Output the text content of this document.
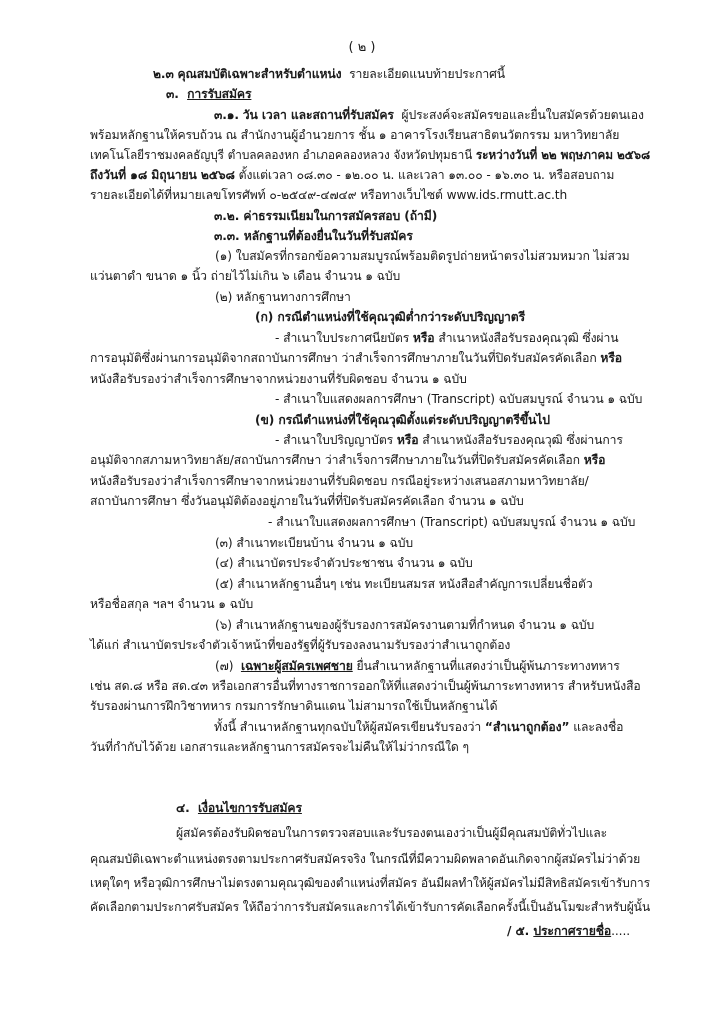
( ๒ )
๒.๓ คุณสมบัติเฉพาะสำหรับตำแหน่ง รายละเอียดแนบท้ายประกาศนี้
๓. การรับสมัคร
๓.๑. วัน เวลา และสถานที่รับสมัคร ผู้ประสงค์จะสมัครขอและยื่นใบสมัครด้วยตนเอง
พร้อมหลักฐานให้ครบถ้วน ณ สำนักงานผู้อำนวยการ ชั้น ๑ อาคารโรงเรียนสาธิตนวัตกรรม มหาวิทยาลัย
เทคโนโลยีราชมงคลธัญบุรี ตำบลคลองหก อำเภอคลองหลวง จังหวัดปทุมธานี ระหว่างวันที่ ๒๒ พฤษภาคม ๒๕๖๘
ถึงวันที่ ๑๘ มิถุนายน ๒๕๖๘ ตั้งแต่เวลา ๐๘.๓๐ - ๑๒.๐๐ น. และเวลา ๑๓.๐๐ - ๑๖.๓๐ น. หรือสอบถาม
รายละเอียดได้ที่หมายเลขโทรศัพท์ ๐-๒๕๔๙-๔๗๔๙ หรือทางเว็บไซต์ www.ids.rmutt.ac.th
๓.๒. ค่าธรรมเนียมในการสมัครสอบ (ถ้ามี)
๓.๓. หลักฐานที่ต้องยื่นในวันที่รับสมัคร
(๑) ใบสมัครที่กรอกข้อความสมบูรณ์พร้อมติดรูปถ่ายหน้าตรงไม่สวมหมวก ไม่สวม
แว่นตาดำ ขนาด ๑ นิ้ว ถ่ายไว้ไม่เกิน ๖ เดือน จำนวน ๑ ฉบับ
(๒) หลักฐานทางการศึกษา
(ก) กรณีตำแหน่งที่ใช้คุณวุฒิต่ำกว่าระดับปริญญาตรี
- สำเนาใบประกาศนียบัตร หรือ สำเนาหนังสือรับรองคุณวุฒิ ซึ่งผ่าน
การอนุมัติซึ่งผ่านการอนุมัติจากสถาบันการศึกษา ว่าสำเร็จการศึกษาภายในวันที่ปิดรับสมัครคัดเลือก หรือ
หนังสือรับรองว่าสำเร็จการศึกษาจากหน่วยงานที่รับผิดชอบ จำนวน ๑ ฉบับ
- สำเนาใบแสดงผลการศึกษา (Transcript) ฉบับสมบูรณ์ จำนวน ๑ ฉบับ
(ข) กรณีตำแหน่งที่ใช้คุณวุฒิตั้งแต่ระดับปริญญาตรีขึ้นไป
- สำเนาใบปริญญาบัตร หรือ สำเนาหนังสือรับรองคุณวุฒิ ซึ่งผ่านการ
อนุมัติจากสภามหาวิทยาลัย/สถาบันการศึกษา ว่าสำเร็จการศึกษาภายในวันที่ปิดรับสมัครคัดเลือก หรือ
หนังสือรับรองว่าสำเร็จการศึกษาจากหน่วยงานที่รับผิดชอบ กรณีอยู่ระหว่างเสนอสภามหาวิทยาลัย/
สถาบันการศึกษา ซึ่งวันอนุมัติต้องอยู่ภายในวันที่ที่ปิดรับสมัครคัดเลือก จำนวน ๑ ฉบับ
- สำเนาใบแสดงผลการศึกษา (Transcript) ฉบับสมบูรณ์ จำนวน ๑ ฉบับ
(๓) สำเนาทะเบียนบ้าน จำนวน ๑ ฉบับ
(๔) สำเนาบัตรประจำตัวประชาชน จำนวน ๑ ฉบับ
(๕) สำเนาหลักฐานอื่นๆ เช่น ทะเบียนสมรส หนังสือสำคัญการเปลี่ยนชื่อตัว
หรือชื่อสกุล ฯลฯ จำนวน ๑ ฉบับ
(๖) สำเนาหลักฐานของผู้รับรองการสมัครงานตามที่กำหนด จำนวน ๑ ฉบับ
ได้แก่ สำเนาบัตรประจำตัวเจ้าหน้าที่ของรัฐที่ผู้รับรองลงนามรับรองว่าสำเนาถูกต้อง
(๗) เฉพาะผู้สมัครเพศชาย ยื่นสำเนาหลักฐานที่แสดงว่าเป็นผู้พ้นภาระทางทหาร
เช่น สด.๘ หรือ สด.๔๓ หรือเอกสารอื่นที่ทางราชการออกให้ที่แสดงว่าเป็นผู้พ้นภาระทางทหาร สำหรับหนังสือ
รับรองผ่านการฝึกวิชาทหาร กรมการรักษาดินแดน ไม่สามารถใช้เป็นหลักฐานได้
ทั้งนี้ สำเนาหลักฐานทุกฉบับให้ผู้สมัครเขียนรับรองว่า “สำเนาถูกต้อง” และลงชื่อ
วันที่กำกับไว้ด้วย เอกสารและหลักฐานการสมัครจะไม่คืนให้ไม่ว่ากรณีใด ๆ
๔. เงื่อนไขการรับสมัคร
ผู้สมัครต้องรับผิดชอบในการตรวจสอบและรับรองตนเองว่าเป็นผู้มีคุณสมบัติทั่วไปและ
คุณสมบัติเฉพาะตำแหน่งตรงตามประกาศรับสมัครจริง ในกรณีที่มีความผิดพลาดอันเกิดจากผู้สมัครไม่ว่าด้วย
เหตุใดๆ หรือวุฒิการศึกษาไม่ตรงตามคุณวุฒิของตำแหน่งที่สมัคร อันมีผลทำให้ผู้สมัครไม่มีสิทธิสมัครเข้ารับการ
คัดเลือกตามประกาศรับสมัคร ให้ถือว่าการรับสมัครและการได้เข้ารับการคัดเลือกครั้งนี้เป็นอันโมฆะสำหรับผู้นั้น
/ ๕. ประกาศรายชื่อ.....
